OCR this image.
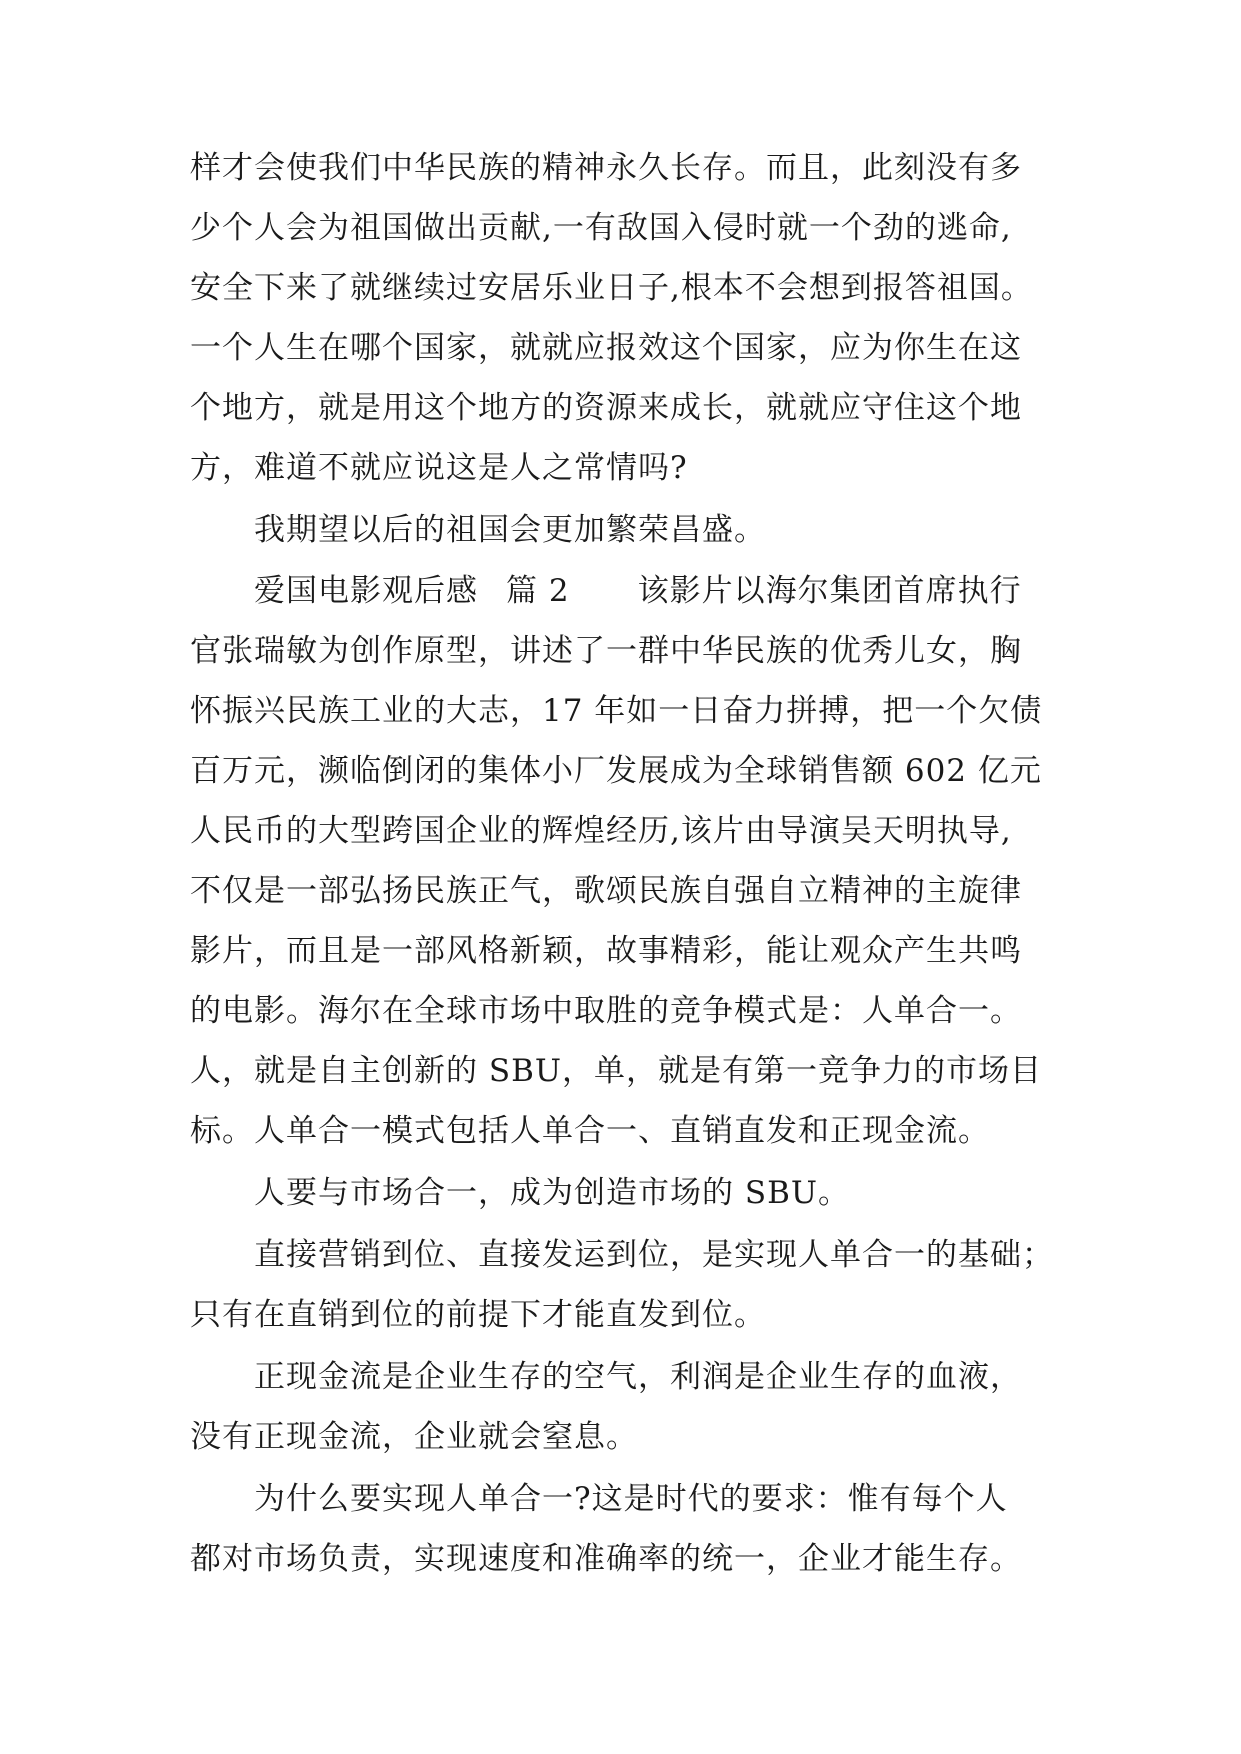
样才会使我们中华民族的精神永久长存。而且，此刻没有多
少个人会为祖国做出贡献,一有敌国入侵时就一个劲的逃命,
安全下来了就继续过安居乐业日子,根本不会想到报答祖国。
一个人生在哪个国家，就就应报效这个国家，应为你生在这
个地方，就是用这个地方的资源来成长，就就应守住这个地
方，难道不就应说这是人之常情吗?
我期望以后的祖国会更加繁荣昌盛。
爱国电影观后感 篇 2 该影片以海尔集团首席执行
官张瑞敏为创作原型，讲述了一群中华民族的优秀儿女，胸
怀振兴民族工业的大志，17 年如一日奋力拼搏，把一个欠债
百万元，濒临倒闭的集体小厂发展成为全球销售额 602 亿元
人民币的大型跨国企业的辉煌经历,该片由导演吴天明执导,
不仅是一部弘扬民族正气，歌颂民族自强自立精神的主旋律
影片，而且是一部风格新颖，故事精彩，能让观众产生共鸣
的电影。海尔在全球市场中取胜的竞争模式是：人单合一。
人，就是自主创新的 SBU，单，就是有第一竞争力的市场目
标。人单合一模式包括人单合一、直销直发和正现金流。
人要与市场合一，成为创造市场的 SBU。
直接营销到位、直接发运到位，是实现人单合一的基础；
只有在直销到位的前提下才能直发到位。
正现金流是企业生存的空气，利润是企业生存的血液，
没有正现金流，企业就会窒息。
为什么要实现人单合一?这是时代的要求：惟有每个人
都对市场负责，实现速度和准确率的统一，企业才能生存。
